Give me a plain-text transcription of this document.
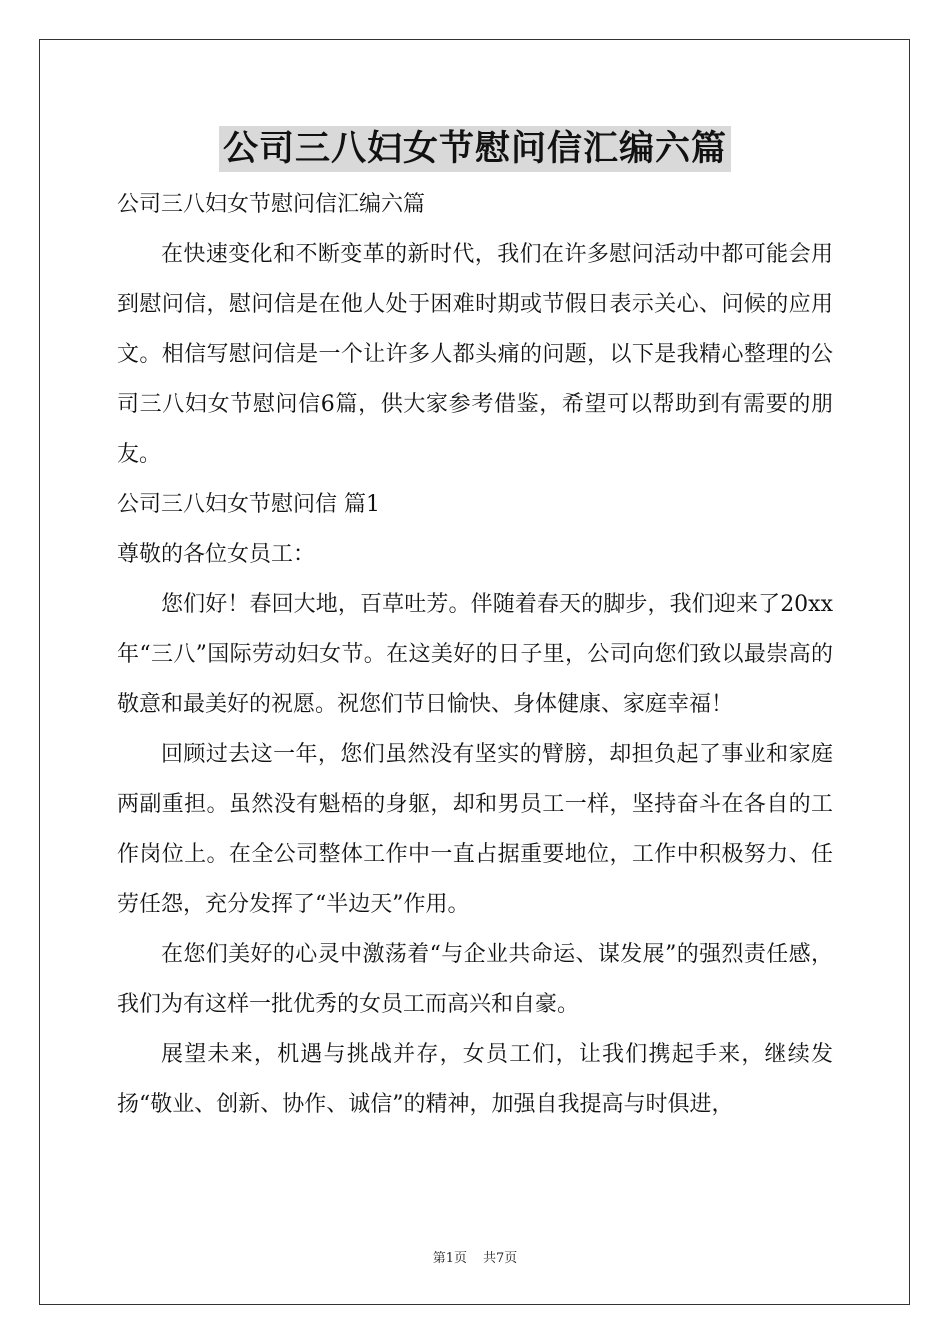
公司三八妇女节慰问信汇编六篇

公司三八妇女节慰问信汇编六篇

在快速变化和不断变革的新时代，我们在许多慰问活动中都可能会用到慰问信，慰问信是在他人处于困难时期或节假日表示关心、问候的应用文。相信写慰问信是一个让许多人都头痛的问题，以下是我精心整理的公司三八妇女节慰问信6篇，供大家参考借鉴，希望可以帮助到有需要的朋友。

公司三八妇女节慰问信 篇1

尊敬的各位女员工：

您们好！春回大地，百草吐芳。伴随着春天的脚步，我们迎来了20xx年“三八”国际劳动妇女节。在这美好的日子里，公司向您们致以最崇高的敬意和最美好的祝愿。祝您们节日愉快、身体健康、家庭幸福！

回顾过去这一年，您们虽然没有坚实的臂膀，却担负起了事业和家庭两副重担。虽然没有魁梧的身躯，却和男员工一样，坚持奋斗在各自的工作岗位上。在全公司整体工作中一直占据重要地位，工作中积极努力、任劳任怨，充分发挥了“半边天”作用。

在您们美好的心灵中激荡着“与企业共命运、谋发展”的强烈责任感，我们为有这样一批优秀的女员工而高兴和自豪。

展望未来，机遇与挑战并存，女员工们，让我们携起手来，继续发扬“敬业、创新、协作、诚信”的精神，加强自我提高与时俱进，

第1页 共7页
